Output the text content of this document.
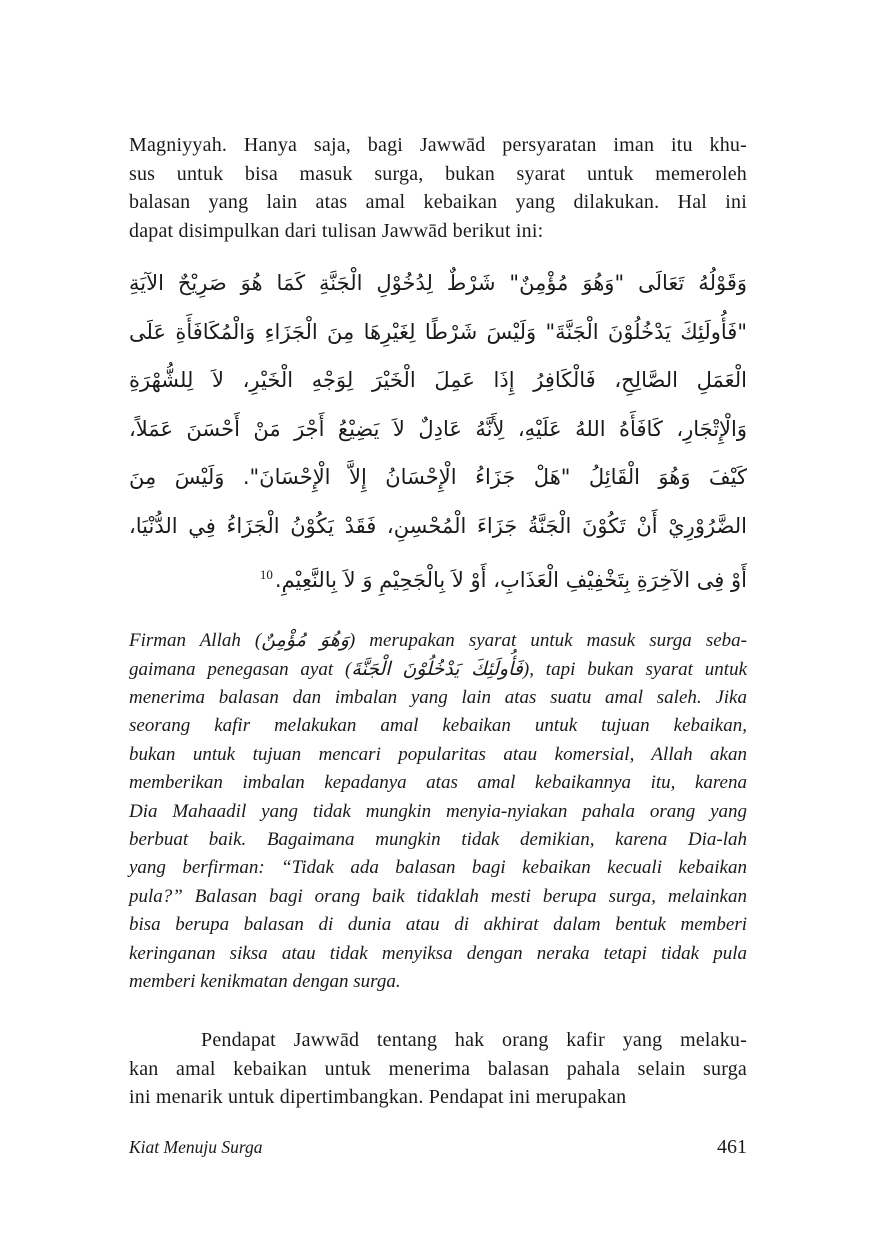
Magniyyah. Hanya saja, bagi Jawwād persyaratan iman itu khu-
sus untuk bisa masuk surga, bukan syarat untuk memeroleh
balasan yang lain atas amal kebaikan yang dilakukan. Hal ini
dapat disimpulkan dari tulisan Jawwād berikut ini:
وَقَوْلُهُ تَعَالَى "وَهُوَ مُؤْمِنٌ" شَرْطٌ لِدُخُوْلِ الْجَنَّةِ كَمَا هُوَ صَرِيْحٌ الآيَةِ
"فَأُولَئِكَ يَدْخُلُوْنَ الْجَنَّةَ" وَلَيْسَ شَرْطًا لِغَيْرِهَا مِنَ الْجَزَاءِ وَالْمُكَافَأَةِ عَلَى
الْعَمَلِ الصَّالِحِ، فَالْكَافِرُ إِذَا عَمِلَ الْخَيْرَ لِوَجْهِ الْخَيْرِ، لاَ لِلشُّهْرَةِ
وَالْإِتْجَارِ، كَافَأَهُ اللهُ عَلَيْهِ، لِأَنَّهُ عَادِلٌ لاَ يَضِيْعُ أَجْرَ مَنْ أَحْسَنَ عَمَلاً،
كَيْفَ وَهُوَ الْقَائِلُ "هَلْ جَزَاءُ الْإِحْسَانُ إِلاَّ الْإِحْسَانَ". وَلَيْسَ مِنَ
الضَّرُوْرِيْ أَنْ تَكُوْنَ الْجَنَّةُ جَزَاءَ الْمُحْسِنِ، فَقَدْ يَكُوْنُ الْجَزَاءُ فِي الدُّنْيَا،
أَوْ فِى الآخِرَةِ بِتَخْفِيْفِ الْعَذَابِ، أَوْ لاَ بِالْجَحِيْمِ وَ لاَ بِالنَّعِيْمِ.$^{10}$
Firman Allah (وَهُوَ مُؤْمِنٌ) merupakan syarat untuk masuk surga seba-
gaimana penegasan ayat (فَأُولَئِكَ يَدْخُلُوْنَ الْجَنَّةَ), tapi bukan syarat untuk
menerima balasan dan imbalan yang lain atas suatu amal saleh. Jika
seorang kafir melakukan amal kebaikan untuk tujuan kebaikan,
bukan untuk tujuan mencari popularitas atau komersial, Allah akan
memberikan imbalan kepadanya atas amal kebaikannya itu, karena
Dia Mahaadil yang tidak mungkin menyia-nyiakan pahala orang yang
berbuat baik. Bagaimana mungkin tidak demikian, karena Dia-lah
yang berfirman: “Tidak ada balasan bagi kebaikan kecuali kebaikan
pula?” Balasan bagi orang baik tidaklah mesti berupa surga, melainkan
bisa berupa balasan di dunia atau di akhirat dalam bentuk memberi
keringanan siksa atau tidak menyiksa dengan neraka tetapi tidak pula
memberi kenikmatan dengan surga.
Pendapat Jawwād tentang hak orang kafir yang melaku-
kan amal kebaikan untuk menerima balasan pahala selain surga
ini menarik untuk dipertimbangkan. Pendapat ini merupakan
Kiat Menuju Surga	461
